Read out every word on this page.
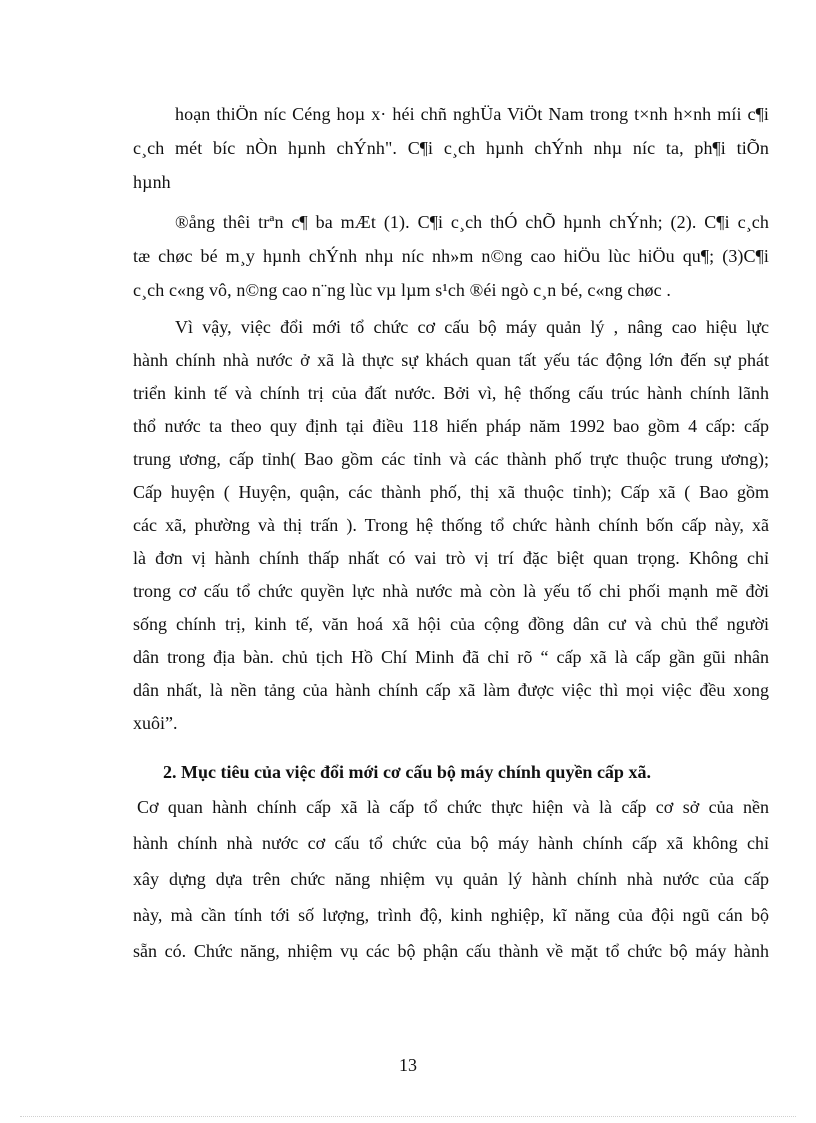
hoạn thiÖn níc Céng hoµ x· héi chñ nghÜa ViÖt Nam trong t×nh h×nh míi c¶i
c¸ch mét bíc nÒn hµnh chÝnh". C¶i c¸ch hµnh chÝnh nhµ níc ta, ph¶i tiÕn
hµnh
®ång thêi trªn c¶ ba mÆt (1). C¶i c¸ch thÓ chÕ hµnh chÝnh; (2). C¶i c¸ch
tæ chøc bé m¸y hµnh chÝnh nhµ níc nh»m n©ng cao hiÖu lùc hiÖu qu¶; (3)C¶i
c¸ch c«ng vô, n©ng cao n¨ng lùc vµ lµm s¹ch ®éi ngò c¸n bé, c«ng chøc .
Vì vậy, việc đổi mới tổ chức cơ cấu bộ máy quản lý , nâng cao hiệu lực
hành chính nhà nước ở xã là thực sự khách quan tất yếu tác động lớn đến sự phát
triển kinh tế và chính trị của đất nước. Bởi vì, hệ thống cấu trúc hành chính lãnh
thổ nước ta theo quy định tại điều 118 hiến pháp năm 1992 bao gồm 4 cấp: cấp
trung ương, cấp tỉnh( Bao gồm các tỉnh và các thành phố trực thuộc trung ương);
Cấp huyện ( Huyện, quận, các thành phố, thị xã thuộc tỉnh); Cấp xã ( Bao gồm
các xã, phường và thị trấn ). Trong hệ thống tổ chức hành chính bốn cấp này, xã
là đơn vị hành chính thấp nhất có vai trò vị trí đặc biệt quan trọng. Không chỉ
trong cơ cấu tổ chức quyền lực nhà nước mà còn là yếu tố chi phối mạnh mẽ đời
sống chính trị, kinh tế, văn hoá xã hội của cộng đồng dân cư và chủ thể người
dân trong địa bàn. chủ tịch Hồ Chí Minh đã chỉ rõ “ cấp xã là cấp gần gũi nhân
dân nhất, là nền tảng của hành chính cấp xã làm được việc thì mọi việc đều xong
xuôi”.
2. Mục tiêu của việc đổi mới cơ cấu bộ máy chính quyền cấp xã.
Cơ quan hành chính cấp xã là cấp tổ chức thực hiện và là cấp cơ sở của nền
hành chính nhà nước cơ cấu tổ chức của bộ máy hành chính cấp xã không chỉ
xây dựng dựa trên chức năng nhiệm vụ quản lý hành chính nhà nước của cấp
này, mà cần tính tới số lượng, trình độ, kinh nghiệp, kĩ năng của đội ngũ cán bộ
sẵn có. Chức năng, nhiệm vụ các bộ phận cấu thành về mặt tổ chức bộ máy hành
13
